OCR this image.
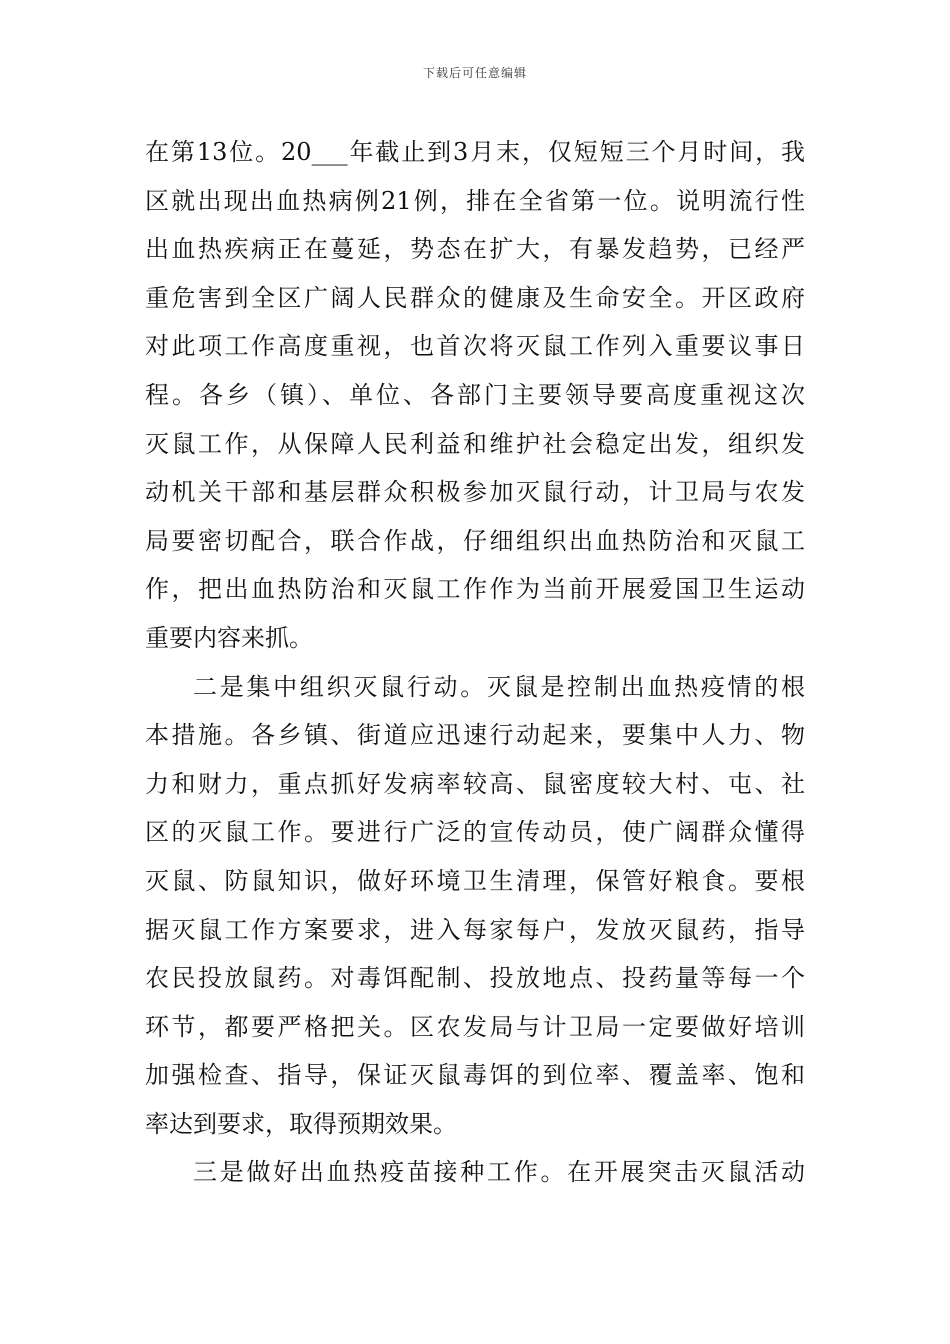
下载后可任意编辑
在第13位。20___年截止到3月末，仅短短三个月时间，我
区就出现出血热病例21例，排在全省第一位。说明流行性
出血热疾病正在蔓延，势态在扩大，有暴发趋势，已经严
重危害到全区广阔人民群众的健康及生命安全。开区政府
对此项工作高度重视，也首次将灭鼠工作列入重要议事日
程。各乡（镇）、单位、各部门主要领导要高度重视这次
灭鼠工作，从保障人民利益和维护社会稳定出发，组织发
动机关干部和基层群众积极参加灭鼠行动，计卫局与农发
局要密切配合，联合作战，仔细组织出血热防治和灭鼠工
作，把出血热防治和灭鼠工作作为当前开展爱国卫生运动
重要内容来抓。
二是集中组织灭鼠行动。灭鼠是控制出血热疫情的根
本措施。各乡镇、街道应迅速行动起来，要集中人力、物
力和财力，重点抓好发病率较高、鼠密度较大村、屯、社
区的灭鼠工作。要进行广泛的宣传动员，使广阔群众懂得
灭鼠、防鼠知识，做好环境卫生清理，保管好粮食。要根
据灭鼠工作方案要求，进入每家每户，发放灭鼠药，指导
农民投放鼠药。对毒饵配制、投放地点、投药量等每一个
环节，都要严格把关。区农发局与计卫局一定要做好培训
加强检查、指导，保证灭鼠毒饵的到位率、覆盖率、饱和
率达到要求，取得预期效果。
三是做好出血热疫苗接种工作。在开展突击灭鼠活动
